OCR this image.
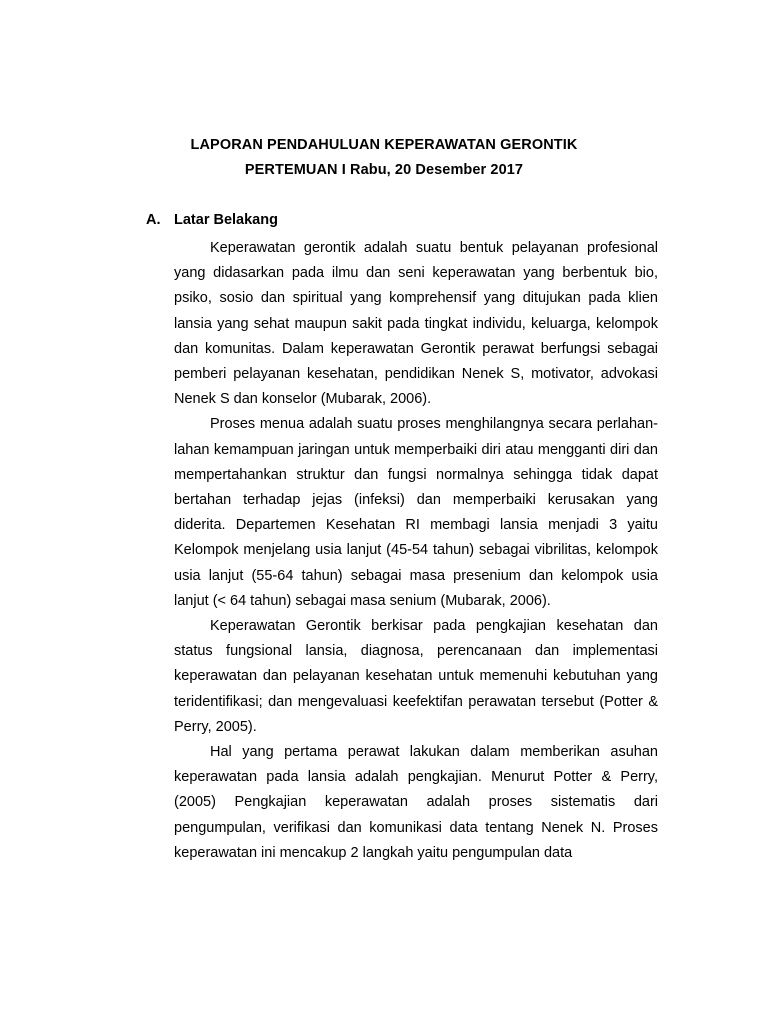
LAPORAN PENDAHULUAN KEPERAWATAN GERONTIK
PERTEMUAN I Rabu, 20 Desember 2017
A. Latar Belakang

Keperawatan gerontik adalah suatu bentuk pelayanan profesional yang didasarkan pada ilmu dan seni keperawatan yang berbentuk bio, psiko, sosio dan spiritual yang komprehensif yang ditujukan pada klien lansia yang sehat maupun sakit pada tingkat individu, keluarga, kelompok dan komunitas. Dalam keperawatan Gerontik perawat berfungsi sebagai pemberi pelayanan kesehatan, pendidikan Nenek S, motivator, advokasi Nenek S dan konselor (Mubarak, 2006).

Proses menua adalah suatu proses menghilangnya secara perlahan-lahan kemampuan jaringan untuk memperbaiki diri atau mengganti diri dan mempertahankan struktur dan fungsi normalnya sehingga tidak dapat bertahan terhadap jejas (infeksi) dan memperbaiki kerusakan yang diderita. Departemen Kesehatan RI membagi lansia menjadi 3 yaitu Kelompok menjelang usia lanjut (45-54 tahun) sebagai vibrilitas, kelompok usia lanjut (55-64 tahun) sebagai masa presenium dan kelompok usia lanjut (< 64 tahun) sebagai masa senium (Mubarak, 2006).

Keperawatan Gerontik berkisar pada pengkajian kesehatan dan status fungsional lansia, diagnosa, perencanaan dan implementasi keperawatan dan pelayanan kesehatan untuk memenuhi kebutuhan yang teridentifikasi; dan mengevaluasi keefektifan perawatan tersebut (Potter & Perry, 2005).

Hal yang pertama perawat lakukan dalam memberikan asuhan keperawatan pada lansia adalah pengkajian. Menurut Potter & Perry, (2005) Pengkajian keperawatan adalah proses sistematis dari pengumpulan, verifikasi dan komunikasi data tentang Nenek N. Proses keperawatan ini mencakup 2 langkah yaitu pengumpulan data
